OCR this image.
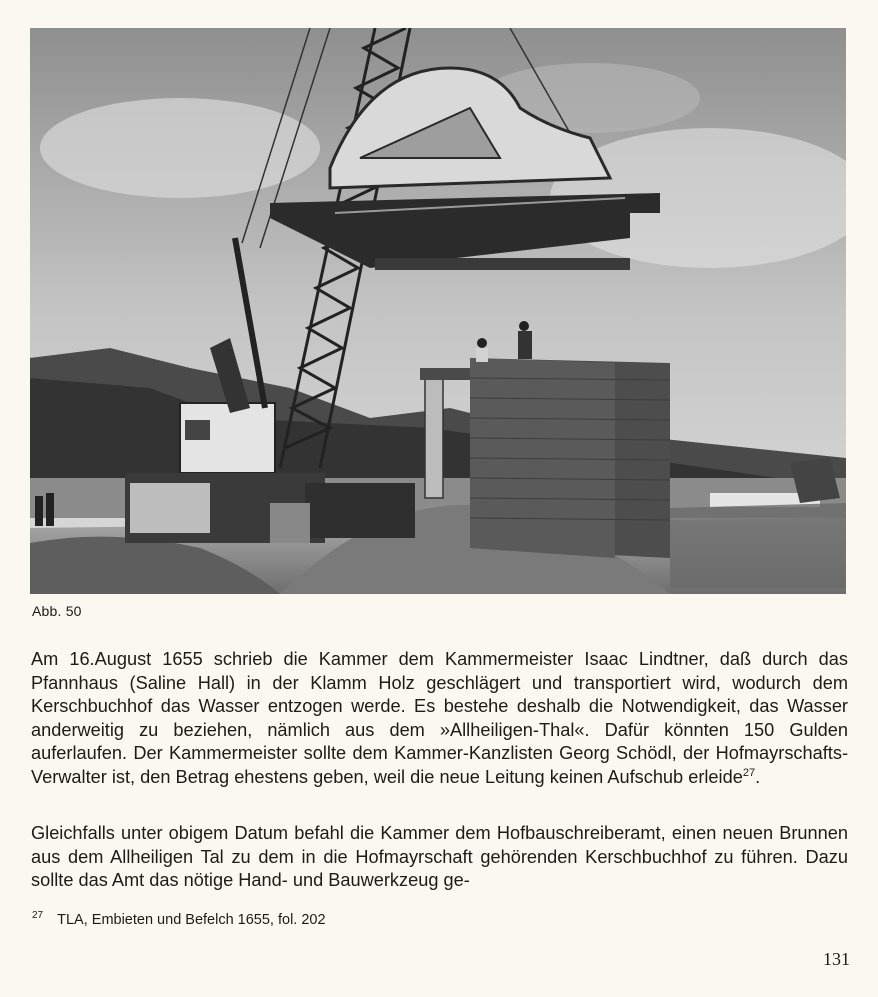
Abb. 50

Am 16.August 1655 schrieb die Kammer dem Kammermeister Isaac Lindtner, daß durch das Pfannhaus (Saline Hall) in der Klamm Holz geschlägert und transportiert wird, wodurch dem Kerschbuchhof das Wasser entzogen werde. Es bestehe deshalb die Notwendigkeit, das Wasser anderweitig zu beziehen, nämlich aus dem »Allheiligen-Thal«. Dafür könnten 150 Gulden auferlaufen. Der Kammermeister sollte dem Kammer-Kanzlisten Georg Schödl, der Hofmayrschafts-Verwalter ist, den Betrag ehestens geben, weil die neue Leitung keinen Aufschub erleide$^{27}$.

Gleichfalls unter obigem Datum befahl die Kammer dem Hofbauschreiberamt, einen neuen Brunnen aus dem Allheiligen Tal zu dem in die Hofmayrschaft gehörenden Kerschbuchhof zu führen. Dazu sollte das Amt das nötige Hand- und Bauwerkzeug ge-

$^{27}$ TLA, Embieten und Befelch 1655, fol. 202
131
